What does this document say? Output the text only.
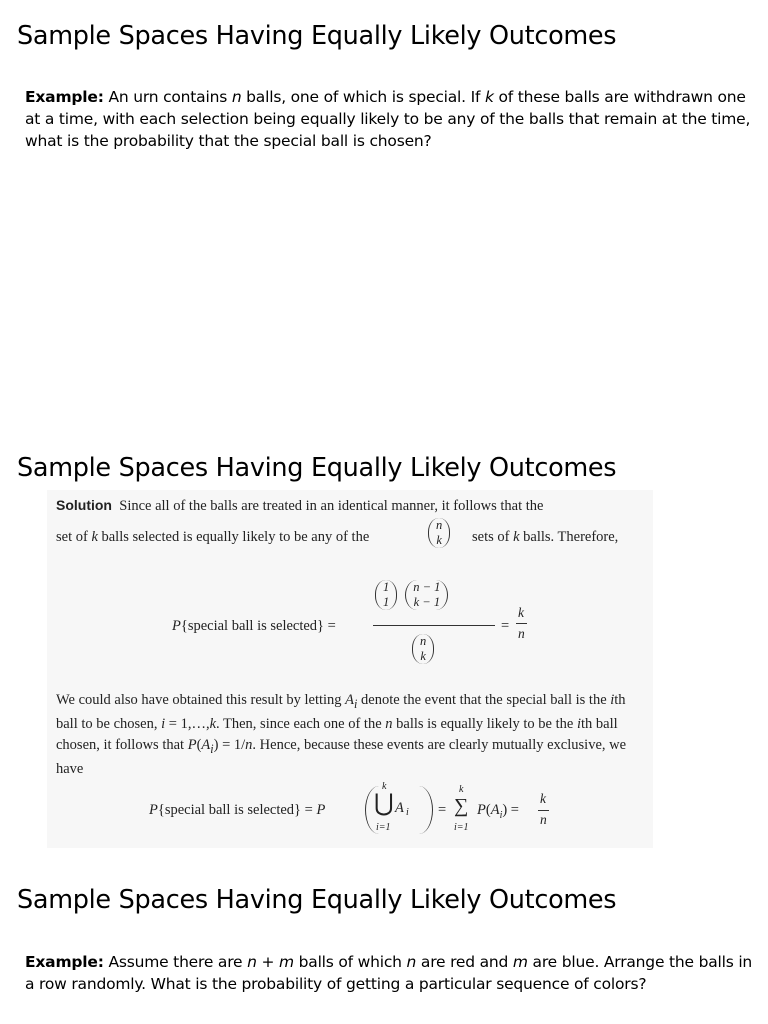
Sample Spaces Having Equally Likely Outcomes

Example: An urn contains n balls, one of which is special. If k of these balls are withdrawn one at a time, with each selection being equally likely to be any of the balls that remain at the time, what is the probability that the special ball is chosen?

Sample Spaces Having Equally Likely Outcomes

Solution Since all of the balls are treated in an identical manner, it follows that the

set of k balls selected is equally likely to be any of the

n
k sets of k balls. Therefore,

P{special ball is selected} =
1
1

n − 1
k − 1
n
k
=
k
n

We could also have obtained this result by letting $A_i$ denote the event that the special ball is the ith ball to be chosen, i = 1,…,k. Then, since each one of the n balls is equally likely to be the ith ball chosen, it follows that $P(A_i) = 1/n$. Hence, because these events are clearly mutually exclusive, we have

P{special ball is selected} = P
k
⋃
i=1
A i =
k
∑
i=1
$P(A_i)$ =
k
n
Sample Spaces Having Equally Likely Outcomes

Example: Assume there are n + m balls of which n are red and m are blue. Arrange the balls in a row randomly. What is the probability of getting a particular sequence of colors?
